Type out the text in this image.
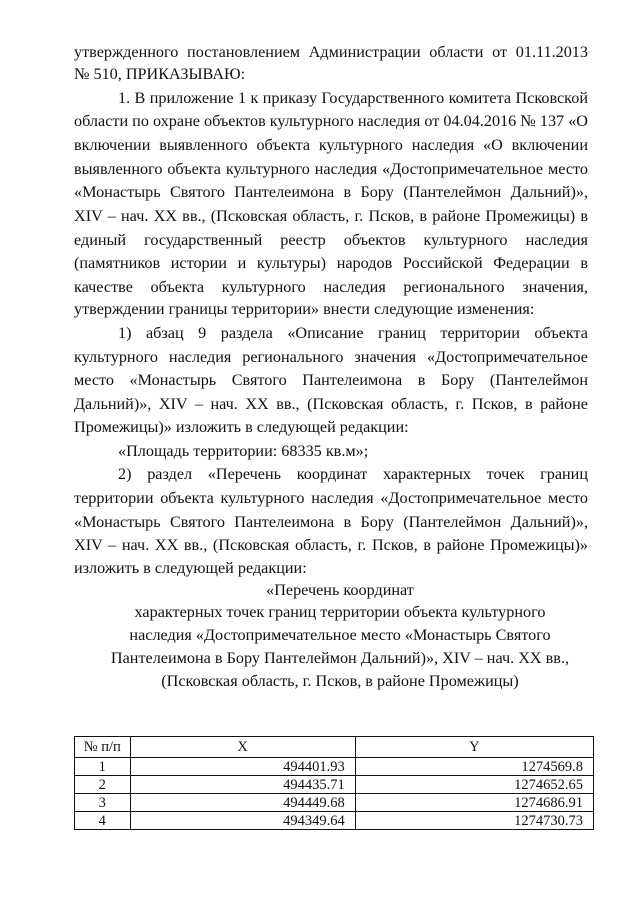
утвержденного постановлением Администрации области от 01.11.2013
№ 510, ПРИКАЗЫВАЮ:
1. В приложение 1 к приказу Государственного комитета Псковской
области по охране объектов культурного наследия от 04.04.2016 № 137 «О
включении выявленного объекта культурного наследия «О включении
выявленного объекта культурного наследия «Достопримечательное место
«Монастырь Святого Пантелеимона в Бору (Пантелеймон Дальний)»,
XIV – нач. XX вв., (Псковская область, г. Псков, в районе Промежицы) в
единый государственный реестр объектов культурного наследия
(памятников истории и культуры) народов Российской Федерации в
качестве объекта культурного наследия регионального значения,
утверждении границы территории» внести следующие изменения:
1) абзац 9 раздела «Описание границ территории объекта
культурного наследия регионального значения «Достопримечательное
место «Монастырь Святого Пантелеимона в Бору (Пантелеймон
Дальний)», XIV – нач. XX вв., (Псковская область, г. Псков, в районе
Промежицы)» изложить в следующей редакции:
«Площадь территории: 68335 кв.м»;
2) раздел «Перечень координат характерных точек границ
территории объекта культурного наследия «Достопримечательное место
«Монастырь Святого Пантелеимона в Бору (Пантелеймон Дальний)»,
XIV – нач. XX вв., (Псковская область, г. Псков, в районе Промежицы)»
изложить в следующей редакции:
«Перечень координат
характерных точек границ территории объекта культурного
наследия «Достопримечательное место «Монастырь Святого
Пантелеимона в Бору Пантелеймон Дальний)», XIV – нач. XX вв.,
(Псковская область, г. Псков, в районе Промежицы)
№ п/п	X	Y
1	494401.93	1274569.8
2	494435.71	1274652.65
3	494449.68	1274686.91
4	494349.64	1274730.73
